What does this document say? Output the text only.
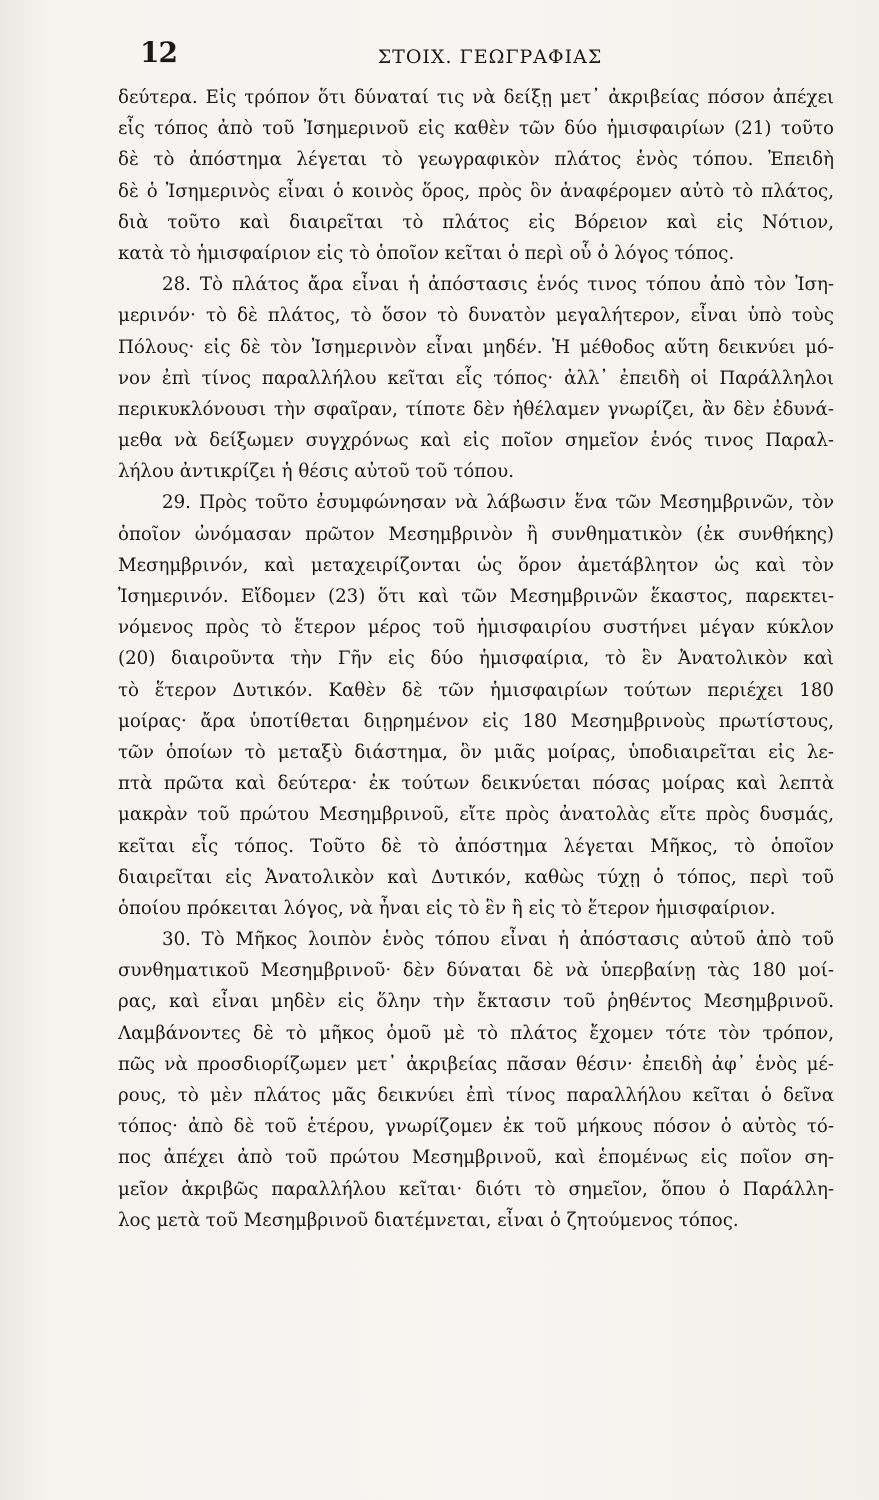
12	ΣΤΟΙΧ. ΓΕΩΓΡΑΦΙΑΣ
δεύτερα. Εἰς τρόπον ὅτι δύναταί τις νὰ δείξῃ μετ᾽ ἀκριβείας πόσον ἀπέχει
εἷς τόπος ἀπὸ τοῦ Ἰσημερινοῦ εἰς καθὲν τῶν δύο ἡμισφαιρίων (21) τοῦτο
δὲ τὸ ἀπόστημα λέγεται τὸ γεωγραφικὸν πλάτος ἑνὸς τόπου. Ἐπειδὴ
δὲ ὁ Ἰσημερινὸς εἶναι ὁ κοινὸς ὅρος, πρὸς ὃν ἀναφέρομεν αὐτὸ τὸ πλάτος,
διὰ τοῦτο καὶ διαιρεῖται τὸ πλάτος εἰς Βόρειον καὶ εἰς Νότιον,
κατὰ τὸ ἡμισφαίριον εἰς τὸ ὁποῖον κεῖται ὁ περὶ οὗ ὁ λόγος τόπος.
28. Τὸ πλάτος ἄρα εἶναι ἡ ἀπόστασις ἑνός τινος τόπου ἀπὸ τὸν Ἰση-
μερινόν· τὸ δὲ πλάτος, τὸ ὅσον τὸ δυνατὸν μεγαλήτερον, εἶναι ὑπὸ τοὺς
Πόλους· εἰς δὲ τὸν Ἰσημερινὸν εἶναι μηδέν. Ἡ μέθοδος αὕτη δεικνύει μό-
νον ἐπὶ τίνος παραλλήλου κεῖται εἷς τόπος· ἀλλ᾽ ἐπειδὴ οἱ Παράλληλοι
περικυκλόνουσι τὴν σφαῖραν, τίποτε δὲν ἠθέλαμεν γνωρίζει, ἂν δὲν ἐδυνά-
μεθα νὰ δείξωμεν συγχρόνως καὶ εἰς ποῖον σημεῖον ἑνός τινος Παραλ-
λήλου ἀντικρίζει ἡ θέσις αὐτοῦ τοῦ τόπου.
29. Πρὸς τοῦτο ἐσυμφώνησαν νὰ λάβωσιν ἕνα τῶν Μεσημβρινῶν, τὸν
ὁποῖον ὠνόμασαν πρῶτον Μεσημβρινὸν ἢ συνθηματικὸν (ἐκ συνθήκης)
Μεσημβρινόν, καὶ μεταχειρίζονται ὡς ὅρον ἀμετάβλητον ὡς καὶ τὸν
Ἰσημερινόν. Εἴδομεν (23) ὅτι καὶ τῶν Μεσημβρινῶν ἕκαστος, παρεκτει-
νόμενος πρὸς τὸ ἕτερον μέρος τοῦ ἡμισφαιρίου συστήνει μέγαν κύκλον
(20) διαιροῦντα τὴν Γῆν εἰς δύο ἡμισφαίρια, τὸ ἓν Ἀνατολικὸν καὶ
τὸ ἕτερον Δυτικόν. Καθὲν δὲ τῶν ἡμισφαιρίων τούτων περιέχει 180
μοίρας· ἄρα ὑποτίθεται διῃρημένον εἰς 180 Μεσημβρινοὺς πρωτίστους,
τῶν ὁποίων τὸ μεταξὺ διάστημα, ὃν μιᾶς μοίρας, ὑποδιαιρεῖται εἰς λε-
πτὰ πρῶτα καὶ δεύτερα· ἐκ τούτων δεικνύεται πόσας μοίρας καὶ λεπτὰ
μακρὰν τοῦ πρώτου Μεσημβρινοῦ, εἴτε πρὸς ἀνατολὰς εἴτε πρὸς δυσμάς,
κεῖται εἷς τόπος. Τοῦτο δὲ τὸ ἀπόστημα λέγεται Μῆκος, τὸ ὁποῖον
διαιρεῖται εἰς Ἀνατολικὸν καὶ Δυτικόν, καθὼς τύχῃ ὁ τόπος, περὶ τοῦ
ὁποίου πρόκειται λόγος, νὰ ἦναι εἰς τὸ ἓν ἢ εἰς τὸ ἕτερον ἡμισφαίριον.
30. Τὸ Μῆκος λοιπὸν ἑνὸς τόπου εἶναι ἡ ἀπόστασις αὐτοῦ ἀπὸ τοῦ
συνθηματικοῦ Μεσημβρινοῦ· δὲν δύναται δὲ νὰ ὑπερβαίνῃ τὰς 180 μοί-
ρας, καὶ εἶναι μηδὲν εἰς ὅλην τὴν ἔκτασιν τοῦ ῥηθέντος Μεσημβρινοῦ.
Λαμβάνοντες δὲ τὸ μῆκος ὁμοῦ μὲ τὸ πλάτος ἔχομεν τότε τὸν τρόπον,
πῶς νὰ προσδιορίζωμεν μετ᾽ ἀκριβείας πᾶσαν θέσιν· ἐπειδὴ ἀφ᾽ ἑνὸς μέ-
ρους, τὸ μὲν πλάτος μᾶς δεικνύει ἐπὶ τίνος παραλλήλου κεῖται ὁ δεῖνα
τόπος· ἀπὸ δὲ τοῦ ἑτέρου, γνωρίζομεν ἐκ τοῦ μήκους πόσον ὁ αὐτὸς τό-
πος ἀπέχει ἀπὸ τοῦ πρώτου Μεσημβρινοῦ, καὶ ἑπομένως εἰς ποῖον ση-
μεῖον ἀκριβῶς παραλλήλου κεῖται· διότι τὸ σημεῖον, ὅπου ὁ Παράλλη-
λος μετὰ τοῦ Μεσημβρινοῦ διατέμνεται, εἶναι ὁ ζητούμενος τόπος.
